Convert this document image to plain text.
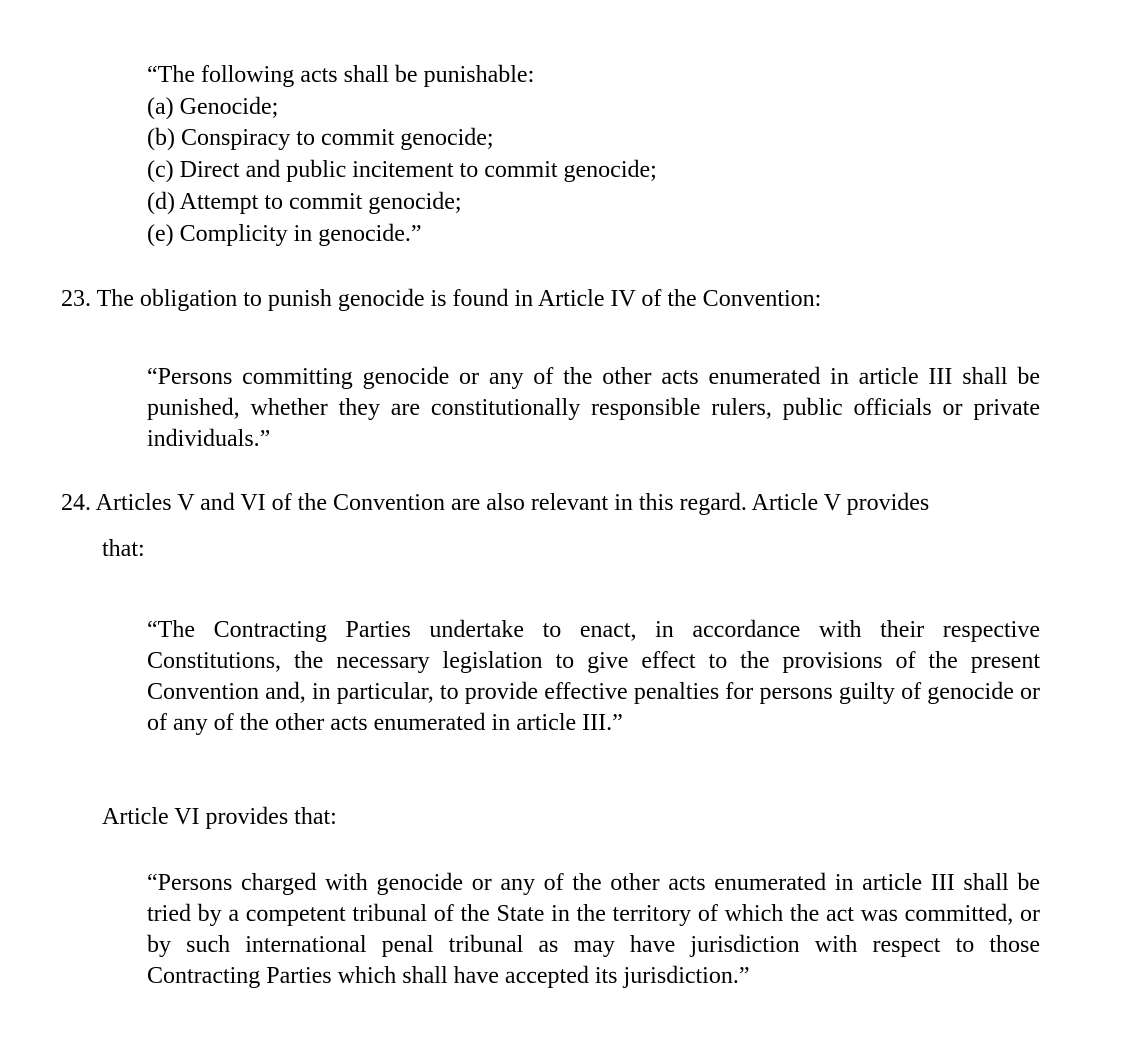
“The following acts shall be punishable:

(a) Genocide;

(b) Conspiracy to commit genocide;

(c) Direct and public incitement to commit genocide;

(d) Attempt to commit genocide;

(e) Complicity in genocide.”

23. The obligation to punish genocide is found in Article IV of the Convention:

“Persons committing genocide or any of the other acts enumerated in article III shall be punished, whether they are constitutionally responsible rulers, public officials or private individuals.”

24. Articles V and VI of the Convention are also relevant in this regard. Article V provides

that:

“The Contracting Parties undertake to enact, in accordance with their respective Constitutions, the necessary legislation to give effect to the provisions of the present Convention and, in particular, to provide effective penalties for persons guilty of genocide or of any of the other acts enumerated in article III.”

Article VI provides that:

“Persons charged with genocide or any of the other acts enumerated in article III shall be tried by a competent tribunal of the State in the territory of which the act was committed, or by such international penal tribunal as may have jurisdiction with respect to those Contracting Parties which shall have accepted its jurisdiction.”
